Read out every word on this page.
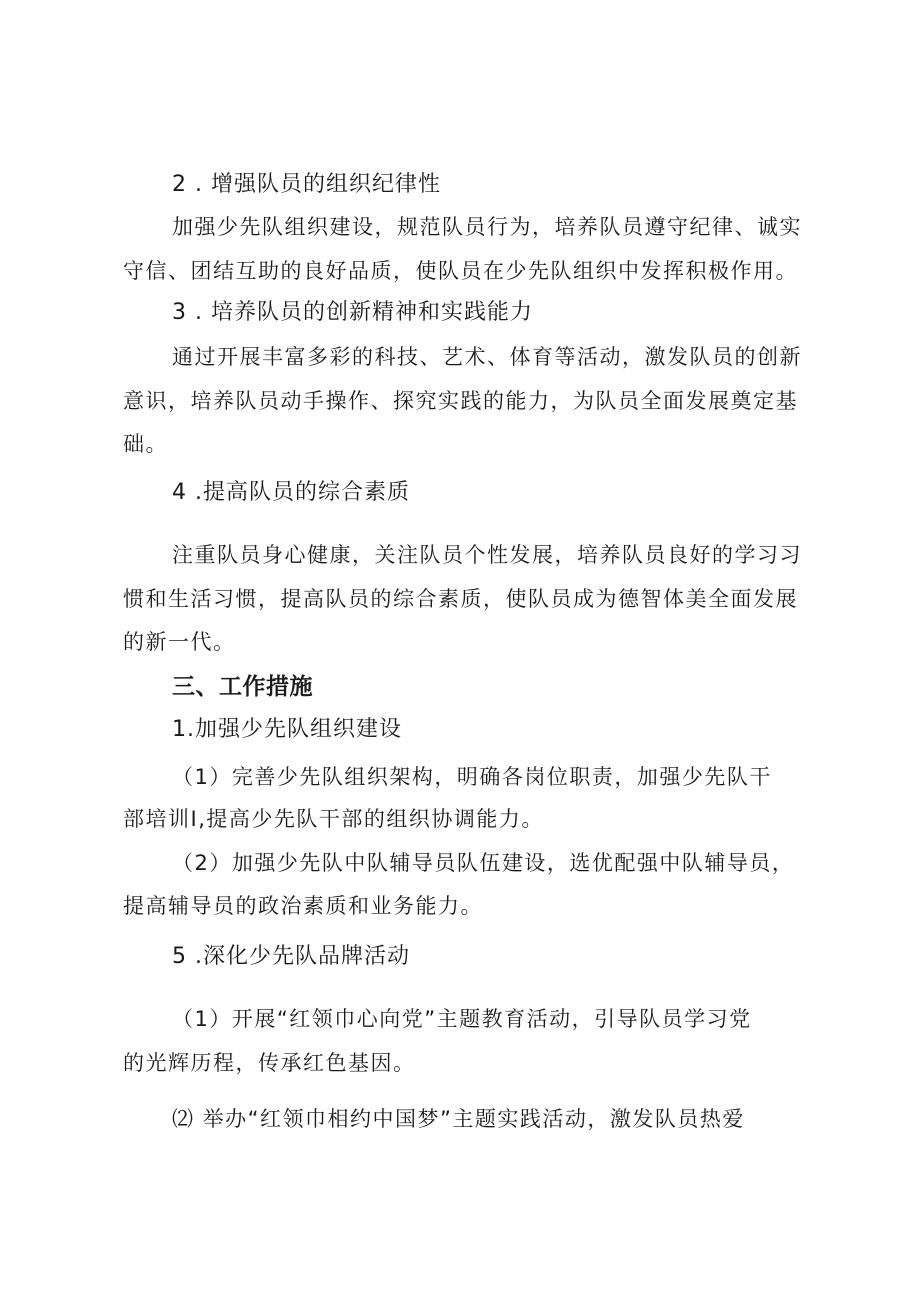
2 . 增强队员的组织纪律性
加强少先队组织建设，规范队员行为，培养队员遵守纪律、诚实
守信、团结互助的良好品质，使队员在少先队组织中发挥积极作用。
3 . 培养队员的创新精神和实践能力
通过开展丰富多彩的科技、艺术、体育等活动，激发队员的创新
意识，培养队员动手操作、探究实践的能力，为队员全面发展奠定基
础。
4 .提高队员的综合素质
注重队员身心健康，关注队员个性发展，培养队员良好的学习习
惯和生活习惯，提高队员的综合素质，使队员成为德智体美全面发展
的新一代。
三、工作措施
1.加强少先队组织建设
（1）完善少先队组织架构，明确各岗位职责，加强少先队干
部培训I,提高少先队干部的组织协调能力。
（2）加强少先队中队辅导员队伍建设，选优配强中队辅导员，
提高辅导员的政治素质和业务能力。
5 .深化少先队品牌活动
（1）开展“红领巾心向党”主题教育活动，引导队员学习党
的光辉历程，传承红色基因。
⑵ 举办“红领巾相约中国梦”主题实践活动，激发队员热爱
